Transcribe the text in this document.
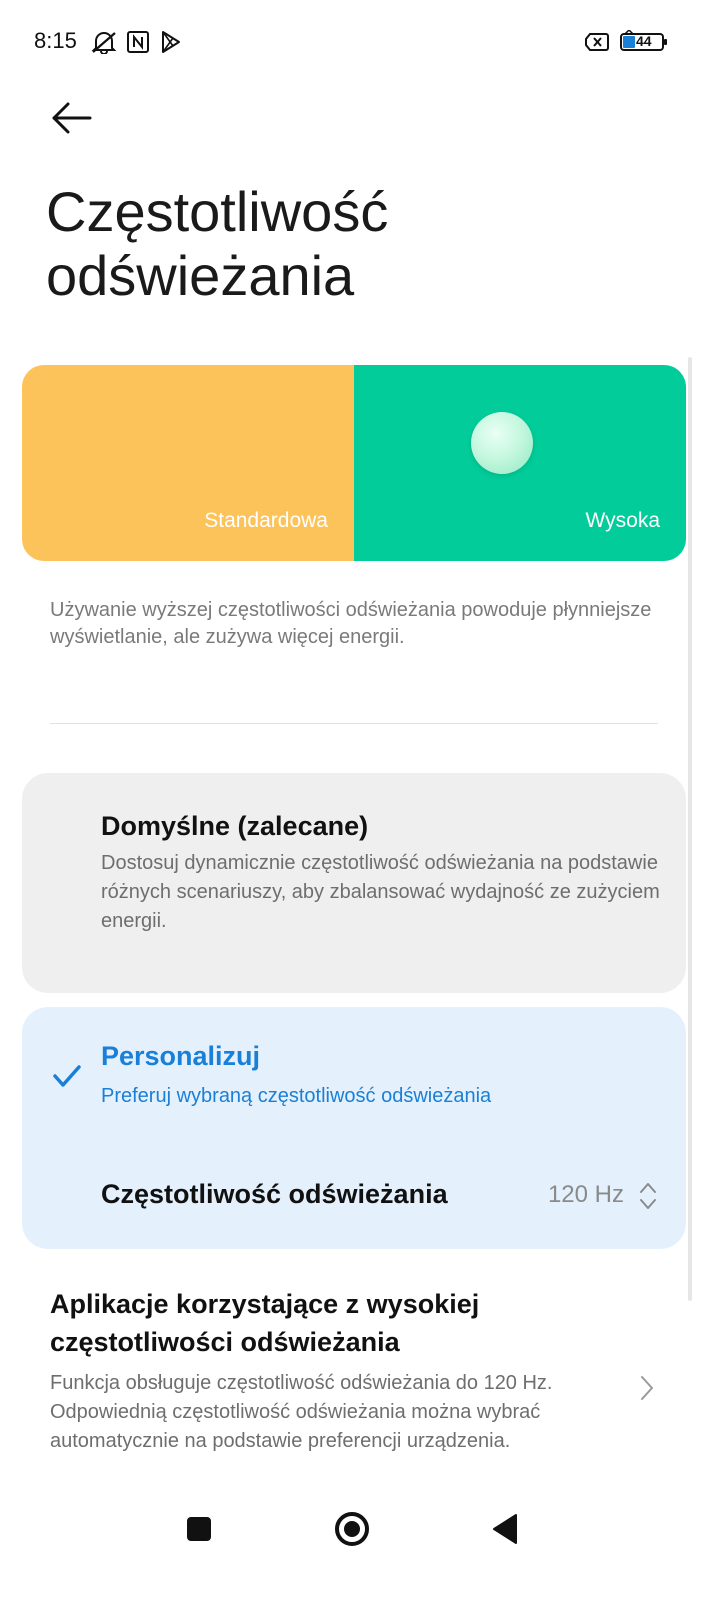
8:15	44
Częstotliwość odświeżania
Standardowa	Wysoka
Używanie wyższej częstotliwości odświeżania powoduje płynniejsze wyświetlanie, ale zużywa więcej energii.
Domyślne (zalecane)
Dostosuj dynamicznie częstotliwość odświeżania na podstawie różnych scenariuszy, aby zbalansować wydajność ze zużyciem energii.
Personalizuj
Preferuj wybraną częstotliwość odświeżania
Częstotliwość odświeżania	120 Hz
Aplikacje korzystające z wysokiej częstotliwości odświeżania
Funkcja obsługuje częstotliwość odświeżania do 120 Hz. Odpowiednią częstotliwość odświeżania można wybrać automatycznie na podstawie preferencji urządzenia.
